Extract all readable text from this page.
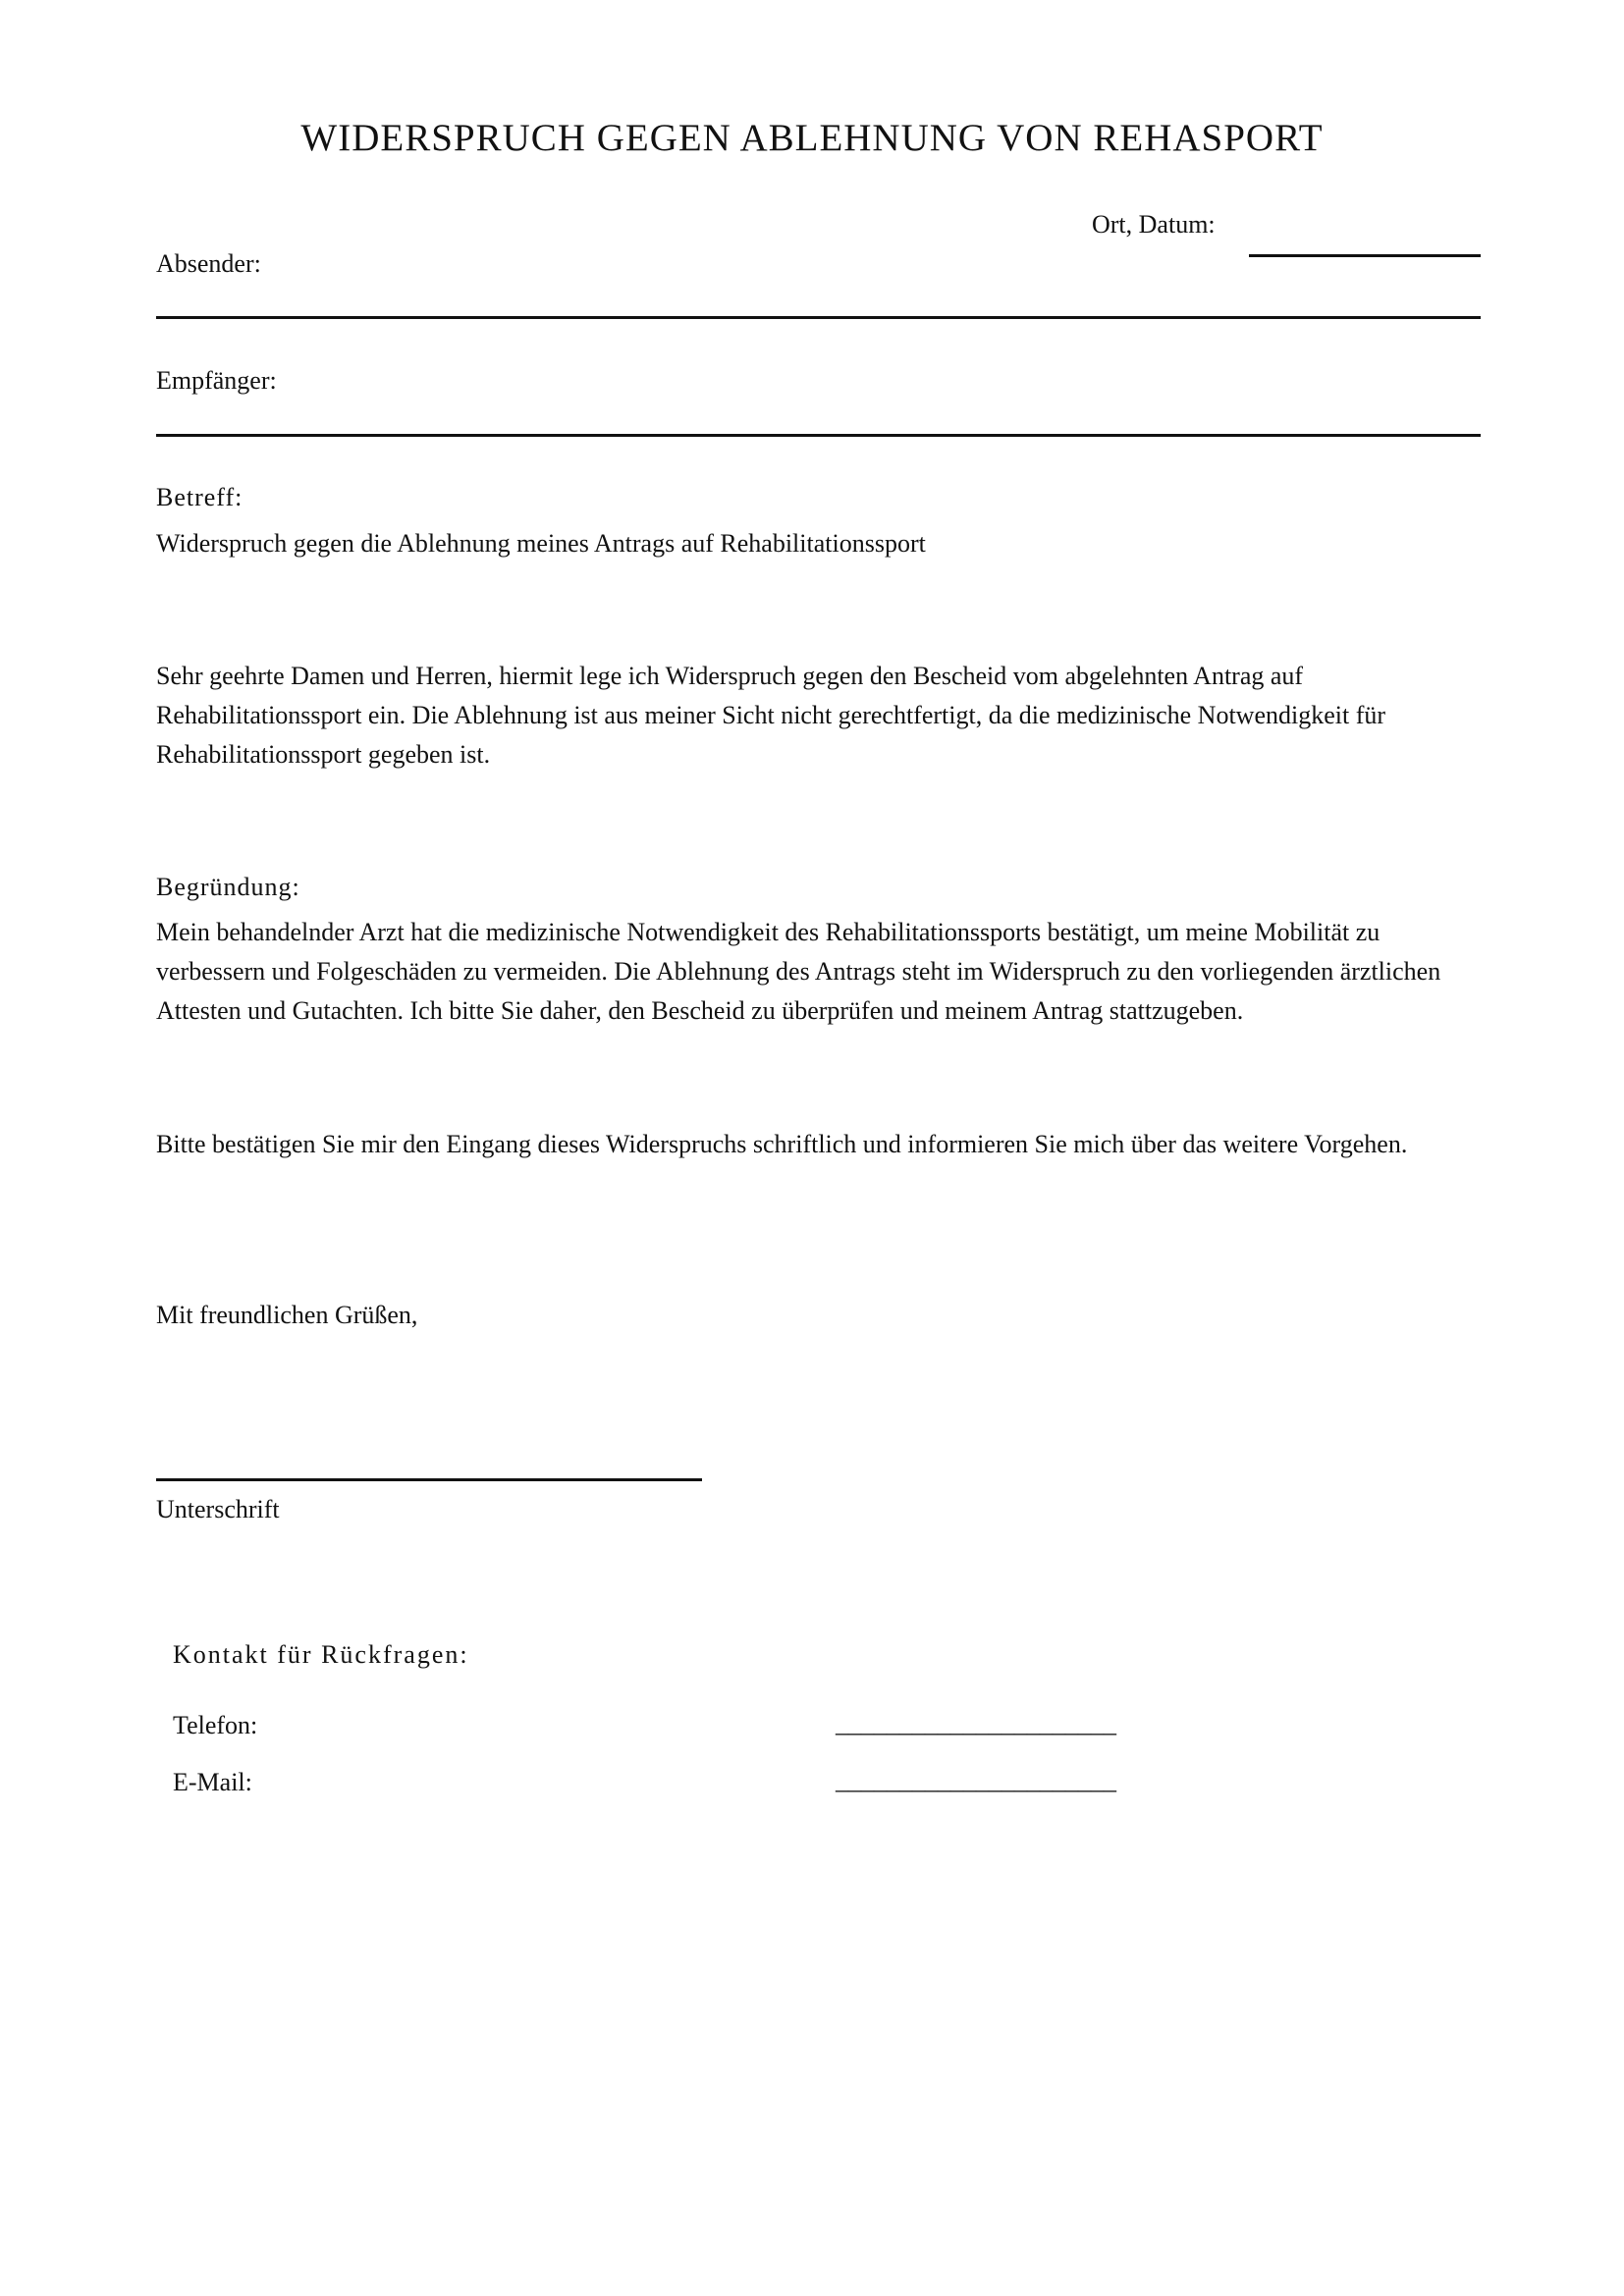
WIDERSPRUCH GEGEN ABLEHNUNG VON REHASPORT
Ort, Datum:
Absender:
Empfänger:
Betreff:
Widerspruch gegen die Ablehnung meines Antrags auf Rehabilitationssport
Sehr geehrte Damen und Herren, hiermit lege ich Widerspruch gegen den Bescheid vom abgelehnten Antrag auf Rehabilitationssport ein. Die Ablehnung ist aus meiner Sicht nicht gerechtfertigt, da die medizinische Notwendigkeit für Rehabilitationssport gegeben ist.
Begründung:
Mein behandelnder Arzt hat die medizinische Notwendigkeit des Rehabilitationssports bestätigt, um meine Mobilität zu verbessern und Folgeschäden zu vermeiden. Die Ablehnung des Antrags steht im Widerspruch zu den vorliegenden ärztlichen Attesten und Gutachten. Ich bitte Sie daher, den Bescheid zu überprüfen und meinem Antrag stattzugeben.
Bitte bestätigen Sie mir den Eingang dieses Widerspruchs schriftlich und informieren Sie mich über das weitere Vorgehen.
Mit freundlichen Grüßen,
Unterschrift
Kontakt für Rückfragen:
Telefon:	______________________
E-Mail:	______________________
